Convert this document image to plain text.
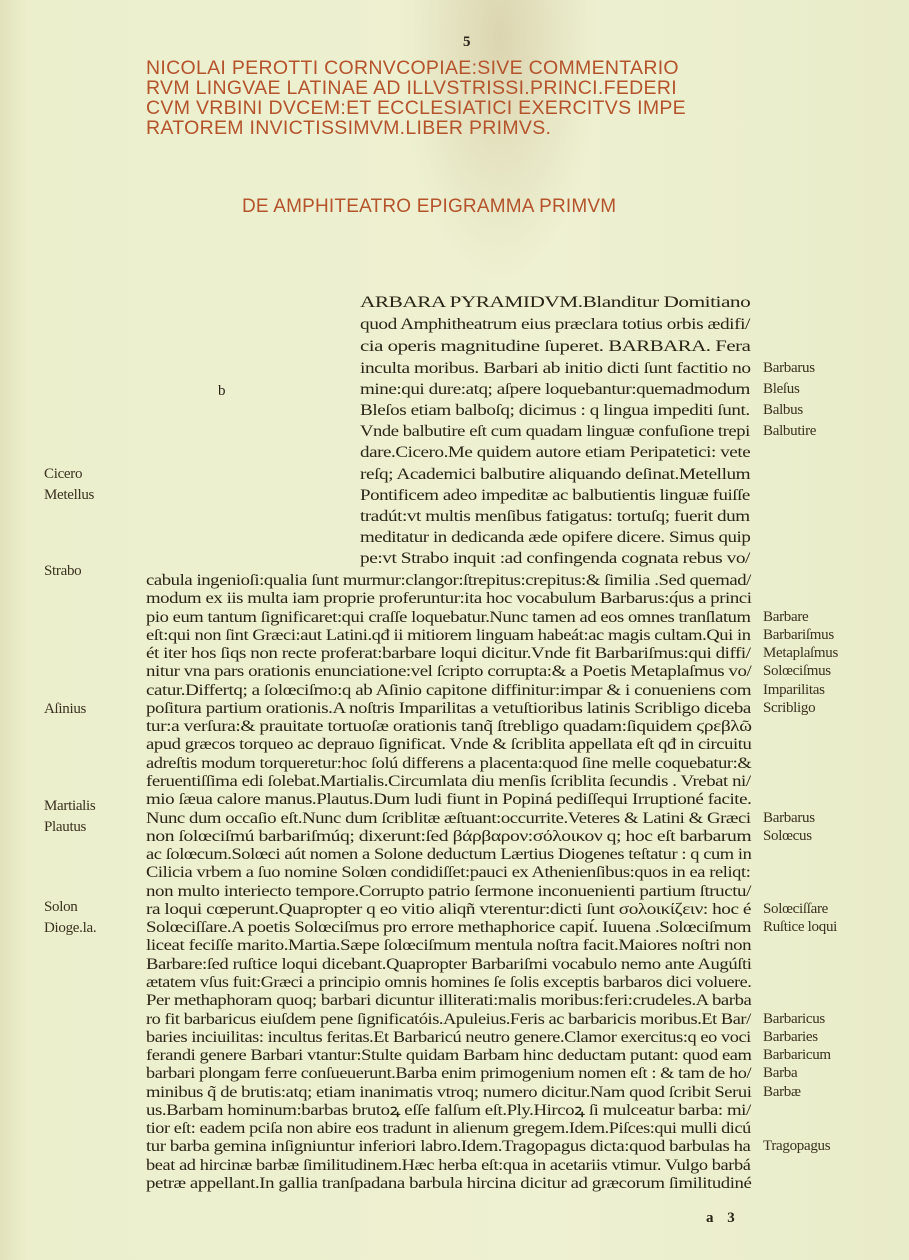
5
NICOLAI PEROTTI CORNVCOPIAE:SIVE COMMENTARIO
RVM LINGVAE LATINAE AD ILLVSTRISSI.PRINCI.FEDERI
CVM VRBINI DVCEM:ET ECCLESIATICI EXERCITVS IMPE
RATOREM INVICTISSIMVM.LIBER PRIMVS.
DE AMPHITEATRO EPIGRAMMA PRIMVM
b
ARBARA PYRAMIDVM.Blanditur Domitiano
quod Amphitheatrum eius præclara totius orbis ædifi/
cia operis magnitudine ſuperet. BARBARA. Fera
inculta moribus. Barbari ab initio dicti ſunt factitio no
mine:qui dure:atq; aſpere loquebantur:quemadmodum
Bleſos etiam balboſq; dicimus : q lingua impediti ſunt.
Vnde balbutire eſt cum quadam linguæ confuſione trepi
dare.Cicero.Me quidem autore etiam Peripatetici: vete
reſq; Academici balbutire aliquando deſinat.Metellum
Pontificem adeo impeditæ ac balbutientis linguæ fuiſſe
tradút:vt multis menſibus fatigatus: tortuſq; fuerit dum
meditatur in dedicanda æde opifere dicere. Simus quip
pe:vt Strabo inquit :ad confingenda cognata rebus vo/
cabula ingenioſi:qualia ſunt murmur:clangor:ſtrepitus:crepitus:& ſimilia .Sed quemad/
modum ex iis multa iam proprie proferuntur:ita hoc vocabulum Barbarus:q́us a princi
pio eum tantum ſignificaret:qui craſſe loquebatur.Nunc tamen ad eos omnes tranſlatum
eſt:qui non ſint Græci:aut Latini.qđ ii mitiorem linguam habeát:ac magis cultam.Qui in
ét iter hos ſiqs non recte proferat:barbare loqui dicitur.Vnde fit Barbariſmus:qui diffi/
nitur vna pars orationis enunciatione:vel ſcripto corrupta:& a Poetis Metaplaſmus vo/
catur.Differtq; a ſolœciſmo:q ab Aſinio capitone diffinitur:impar & i conueniens com
poſitura partium orationis.A noſtris Imparilitas a vetuſtioribus latinis Scribligo diceba
tur:a verſura:& prauitate tortuoſæ orationis tanq̃ ſtrebligo quadam:ſiquidem ϛρεβλῶ
apud græcos torqueo ac deprauo ſignificat. Vnde & ſcriblita appellata eſt qđ in circuitu
adreſtis modum torqueretur:hoc ſolú differens a placenta:quod ſine melle coquebatur:&
feruentiſſima edi ſolebat.Martialis.Circumlata diu menſis ſcriblita ſecundis . Vrebat ni/
mio ſæua calore manus.Plautus.Dum ludi fiunt in Popiná pediſſequi Irruptioné facite.
Nunc dum occaſio eſt.Nunc dum ſcriblitæ æſtuant:occurrite.Veteres & Latini & Græci
non ſolœciſmú barbariſmúq; dixerunt:ſed βάρβαρον:σόλοικον q; hoc eſt barbarum
ac ſolœcum.Solœci aút nomen a Solone deductum Lærtius Diogenes teſtatur : q cum in
Cilicia vrbem a ſuo nomine Solœn condidiſſet:pauci ex Athenienſibus:quos in ea reliqt:
non multo interiecto tempore.Corrupto patrio ſermone inconuenienti partium ſtructu/
ra loqui cœperunt.Quapropter q eo vitio aliqñ vterentur:dicti ſunt σολοικίζειν: hoc é
Solœciſſare.A poetis Solœciſmus pro errore methaphorice capit́. Iuuena .Solœciſmum
liceat feciſſe marito.Martia.Sæpe ſolœciſmum mentula noſtra facit.Maiores noſtri non
Barbare:ſed ruſtice loqui dicebant.Quapropter Barbariſmi vocabulo nemo ante Augúſti
ætatem vſus fuit:Græci a principio omnis homines ſe ſolis exceptis barbaros dici voluere.
Per methaphoram quoq; barbari dicuntur illiterati:malis moribus:feri:crudeles.A barba
ro fit barbaricus eiuſdem pene ſignificatóis.Apuleius.Feris ac barbaricis moribus.Et Bar/
baries inciuilitas: incultus feritas.Et Barbaricú neutro genere.Clamor exercitus:q eo voci
ferandi genere Barbari vtantur:Stulte quidam Barbam hinc deductam putant: quod eam
barbari plongam ferre conſueuerunt.Barba enim primogenium nomen eſt : & tam de ho/
minibus q̃ de brutis:atq; etiam inanimatis vtroq; numero dicitur.Nam quod ſcribit Serui
us.Barbam hominum:barbas brutoꝝ eſſe falſum eſt.Ply.Hircoꝝ ſi mulceatur barba: mi/
tior eſt: eadem pciſa non abire eos tradunt in alienum gregem.Idem.Piſces:qui mulli dicú
tur barba gemina inſigniuntur inferiori labro.Idem.Tragopagus dicta:quod barbulas ha
beat ad hircinæ barbæ ſimilitudinem.Hæc herba eſt:qua in acetariis vtimur. Vulgo barbá
petræ appellant.In gallia tranſpadana barbula hircina dicitur ad græcorum ſimilitudiné
Cicero
Metellus
Strabo
Aſinius
Martialis
Plautus
Solon
Dioge.la.
Barbarus
Bleſus
Balbus
Balbutire
Barbare
Barbariſmus
Metaplaſmus
Solœciſmus
Imparilitas
Scribligo
Barbarus
Solœcus
Solœciſſare
Ruſtice loqui
Barbaricus
Barbaries
Barbaricum
Barba
Barbæ
Tragopagus
a 3
